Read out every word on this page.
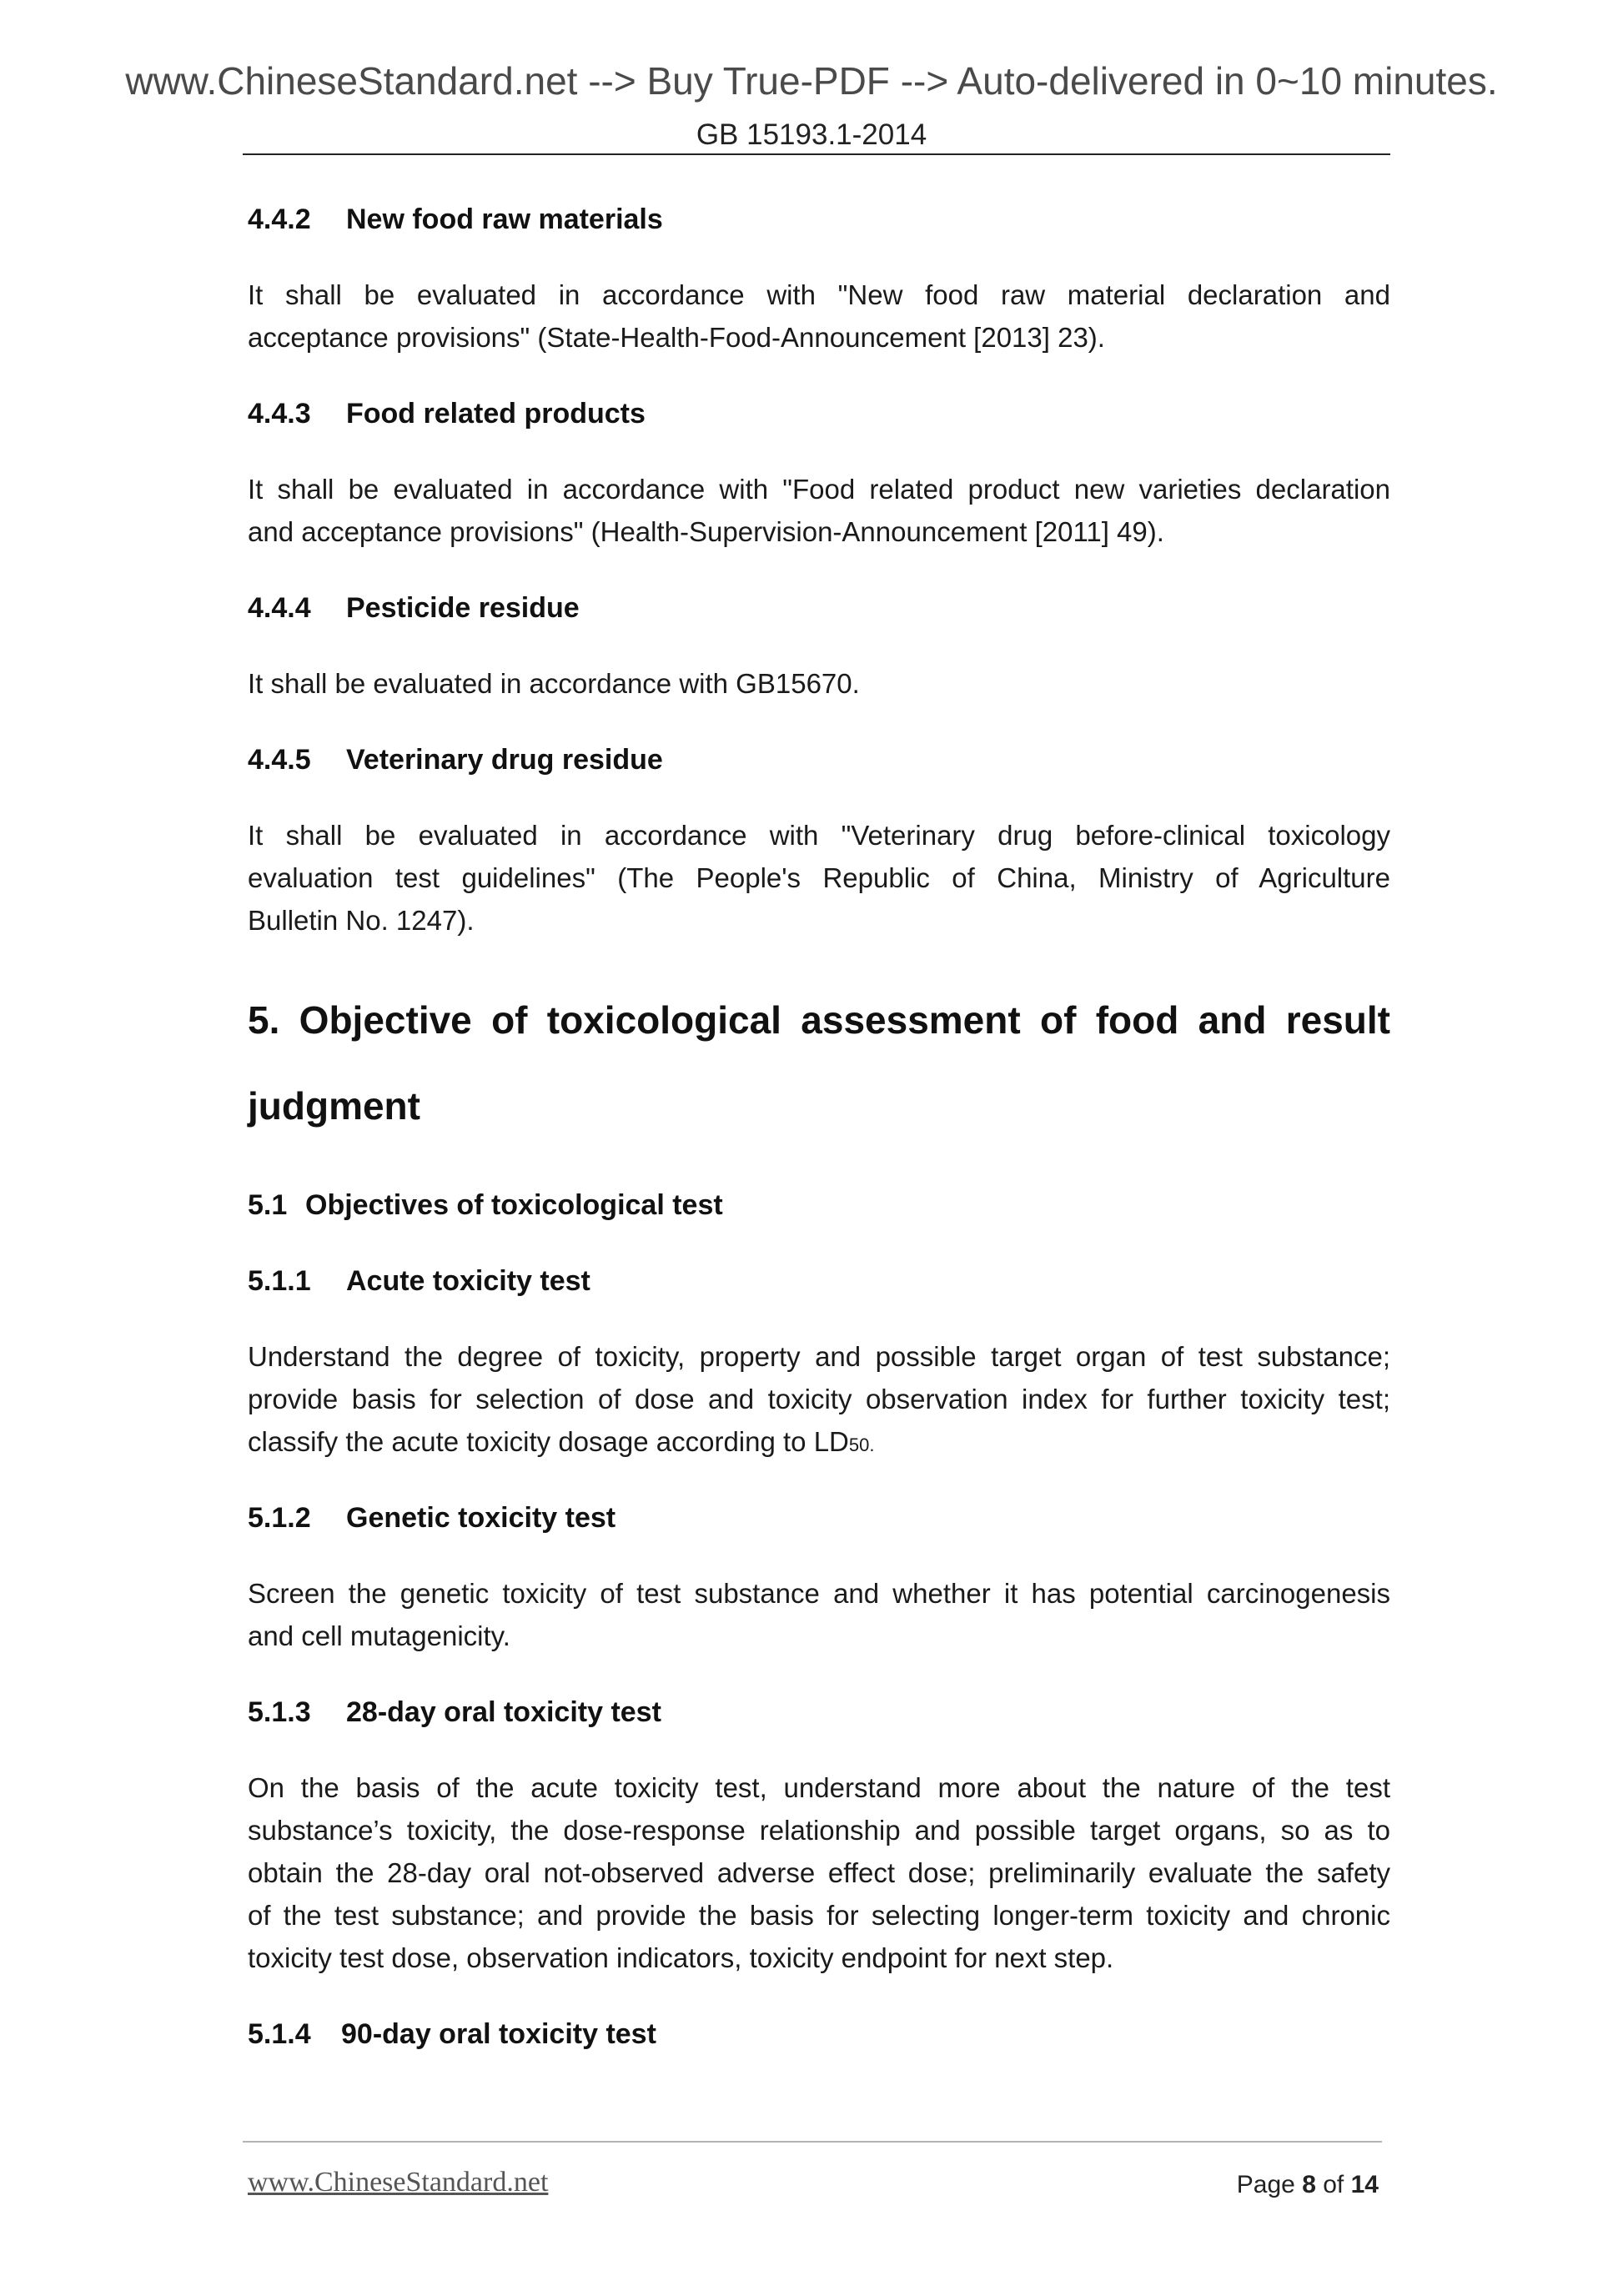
www.ChineseStandard.net --> Buy True-PDF --> Auto-delivered in 0~10 minutes.
GB 15193.1-2014
4.4.2 New food raw materials
It shall be evaluated in accordance with "New food raw material declaration and
acceptance provisions" (State-Health-Food-Announcement [2013] 23).
4.4.3 Food related products
It shall be evaluated in accordance with "Food related product new varieties declaration
and acceptance provisions" (Health-Supervision-Announcement [2011] 49).
4.4.4 Pesticide residue
It shall be evaluated in accordance with GB15670.
4.4.5 Veterinary drug residue
It shall be evaluated in accordance with "Veterinary drug before-clinical toxicology
evaluation test guidelines" (The People's Republic of China, Ministry of Agriculture
Bulletin No. 1247).
5. Objective of toxicological assessment of food and result
judgment
5.1 Objectives of toxicological test
5.1.1 Acute toxicity test
Understand the degree of toxicity, property and possible target organ of test substance;
provide basis for selection of dose and toxicity observation index for further toxicity test;
classify the acute toxicity dosage according to LD50.
5.1.2 Genetic toxicity test
Screen the genetic toxicity of test substance and whether it has potential carcinogenesis
and cell mutagenicity.
5.1.3 28-day oral toxicity test
On the basis of the acute toxicity test, understand more about the nature of the test
substance’s toxicity, the dose-response relationship and possible target organs, so as to
obtain the 28-day oral not-observed adverse effect dose; preliminarily evaluate the safety
of the test substance; and provide the basis for selecting longer-term toxicity and chronic
toxicity test dose, observation indicators, toxicity endpoint for next step.
5.1.4 90-day oral toxicity test
www.ChineseStandard.net	Page 8 of 14
